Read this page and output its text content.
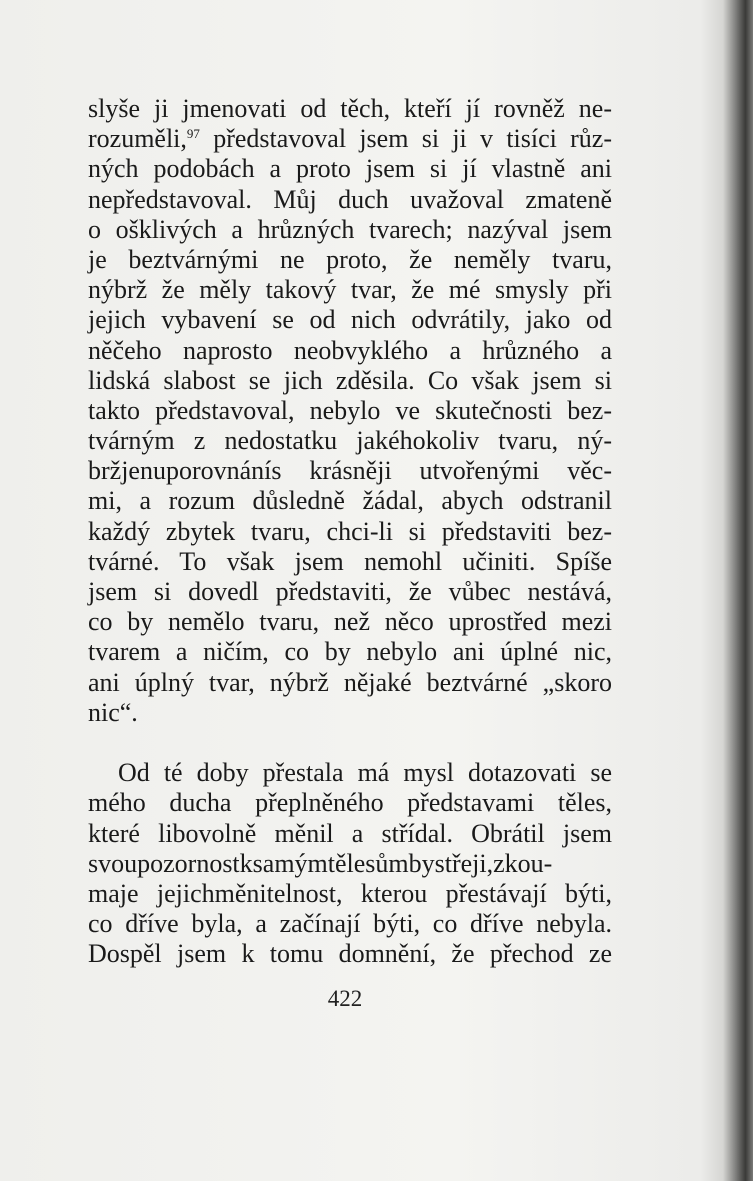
slyše ji jmenovati od těch, kteří jí rovněž ne-
rozuměli,$^{97}$ představoval jsem si ji v tisíci růz-
ných podobách a proto jsem si jí vlastně ani
nepředstavoval. Můj duch uvažoval zmateně
o ošklivých a hrůzných tvarech; nazýval jsem
je beztvárnými ne proto, že neměly tvaru,
nýbrž že měly takový tvar, že mé smysly při
jejich vybavení se od nich odvrátily, jako od
něčeho naprosto neobvyklého a hrůzného a
lidská slabost se jich zděsila. Co však jsem si
takto představoval, nebylo ve skutečnosti bez-
tvárným z nedostatku jakéhokoliv tvaru, ný-
bržjenuporovnánís krásněji utvořenými věc-
mi, a rozum důsledně žádal, abych odstranil
každý zbytek tvaru, chci-li si představiti bez-
tvárné. To však jsem nemohl učiniti. Spíše
jsem si dovedl představiti, že vůbec nestává,
co by nemělo tvaru, než něco uprostřed mezi
tvarem a ničím, co by nebylo ani úplné nic,
ani úplný tvar, nýbrž nějaké beztvárné „skoro
nic“.
Od té doby přestala má mysl dotazovati se
mého ducha přeplněného představami těles,
které libovolně měnil a střídal. Obrátil jsem
svoupozornostksamýmtělesůmbystřeji,zkou-
maje jejichměnitelnost, kterou přestávají býti,
co dříve byla, a začínají býti, co dříve nebyla.
Dospěl jsem k tomu domnění, že přechod ze
422
